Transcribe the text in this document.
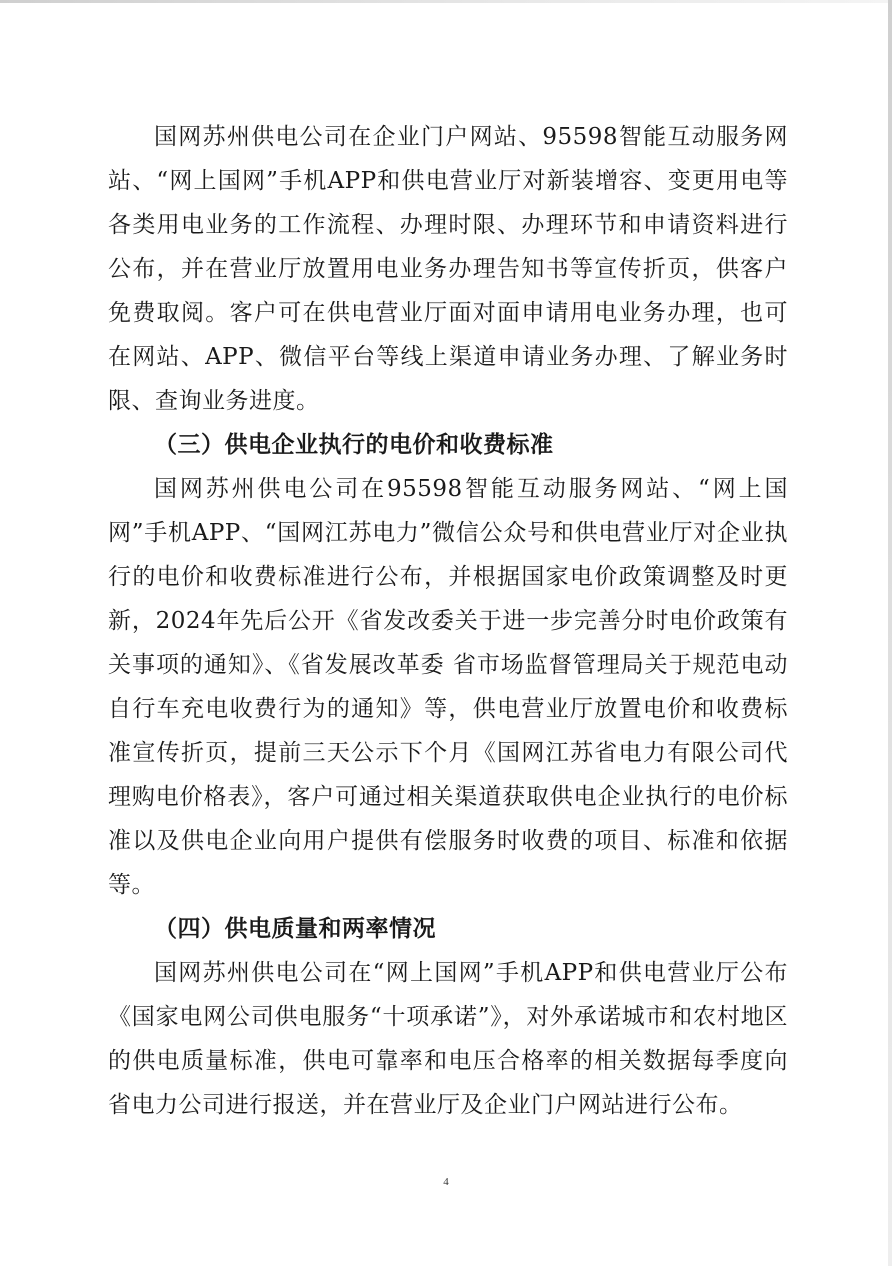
国网苏州供电公司在企业门户网站、95598智能互动服务网站、“网上国网”手机APP和供电营业厅对新装增容、变更用电等各类用电业务的工作流程、办理时限、办理环节和申请资料进行公布，并在营业厅放置用电业务办理告知书等宣传折页，供客户免费取阅。客户可在供电营业厅面对面申请用电业务办理，也可在网站、APP、微信平台等线上渠道申请业务办理、了解业务时限、查询业务进度。

（三）供电企业执行的电价和收费标准

国网苏州供电公司在95598智能互动服务网站、“网上国网”手机APP、“国网江苏电力”微信公众号和供电营业厅对企业执行的电价和收费标准进行公布，并根据国家电价政策调整及时更新，2024年先后公开《省发改委关于进一步完善分时电价政策有关事项的通知》、《省发展改革委 省市场监督管理局关于规范电动自行车充电收费行为的通知》等，供电营业厅放置电价和收费标准宣传折页，提前三天公示下个月《国网江苏省电力有限公司代理购电价格表》，客户可通过相关渠道获取供电企业执行的电价标准以及供电企业向用户提供有偿服务时收费的项目、标准和依据等。

（四）供电质量和两率情况

国网苏州供电公司在“网上国网”手机APP和供电营业厅公布《国家电网公司供电服务“十项承诺”》，对外承诺城市和农村地区的供电质量标准，供电可靠率和电压合格率的相关数据每季度向省电力公司进行报送，并在营业厅及企业门户网站进行公布。

4
